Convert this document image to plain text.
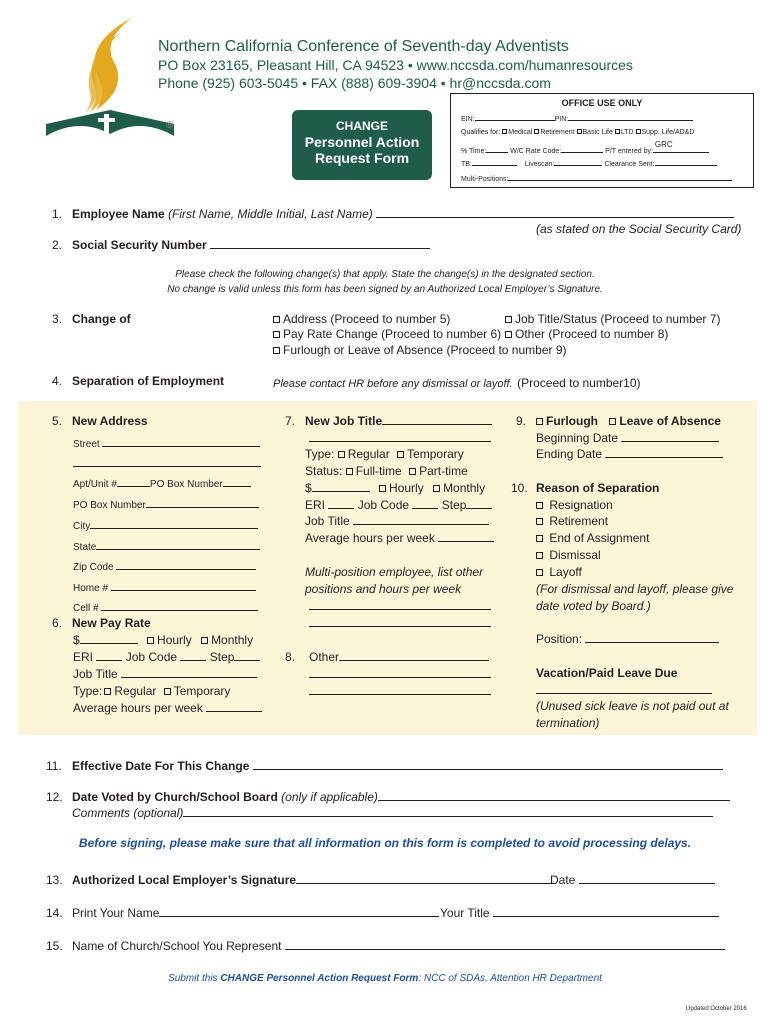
®
Northern California Conference of Seventh-day Adventists
PO Box 23165, Pleasant Hill, CA 94523 • www.nccsda.com/humanresources
Phone (925) 603-5045 • FAX (888) 609-3904 • hr@nccsda.com
CHANGE
Personnel Action
Request Form
OFFICE USE ONLY
EIN:	PIN:
Qualifies for: Medical Retirement Basic Life LTD Supp. Life/AD&D
% Time:	W/C Rate Code:	P/T entered by:
GRC
TB:	Livescan:	Clearance Sent:
Multi-Positions:
1. Employee Name (First Name, Middle Initial, Last Name)
(as stated on the Social Security Card)
2. Social Security Number
Please check the following change(s) that apply. State the change(s) in the designated section.
No change is valid unless this form has been signed by an Authorized Local Employer’s Signature.
3. Change of	Address (Proceed to number 5)	Job Title/Status (Proceed to number 7)
Pay Rate Change (Proceed to number 6)	Other (Proceed to number 8)
Furlough or Leave of Absence (Proceed to number 9)
4. Separation of Employment	Please contact HR before any dismissal or layoff. (Proceed to number10)
5. New Address
Street
Apt/Unit #	PO Box Number
PO Box Number
City
State
Zip Code
Home #
Cell #
6. New Pay Rate
$	Hourly Monthly
ERI	Job Code	Step
Job Title
Type: Regular Temporary
Average hours per week
7. New Job Title
Type: Regular Temporary
Status: Full-time Part-time
$	Hourly Monthly
ERI	Job Code	Step
Job Title
Average hours per week
Multi-position employee, list other
positions and hours per week
8. Other
9. Furlough Leave of Absence
Beginning Date
Ending Date
10. Reason of Separation
Resignation
Retirement
End of Assignment
Dismissal
Layoff
(For dismissal and layoff, please give
date voted by Board.)
Position:
Vacation/Paid Leave Due
(Unused sick leave is not paid out at
termination)
11. Effective Date For This Change
12. Date Voted by Church/School Board (only if applicable)
Comments (optional)
Before signing, please make sure that all information on this form is completed to avoid processing delays.
13. Authorized Local Employer’s Signature	Date
14. Print Your Name	Your Title
15. Name of Church/School You Represent
Submit this CHANGE Personnel Action Request Form: NCC of SDAs, Attention HR Department
Updated October 2016
